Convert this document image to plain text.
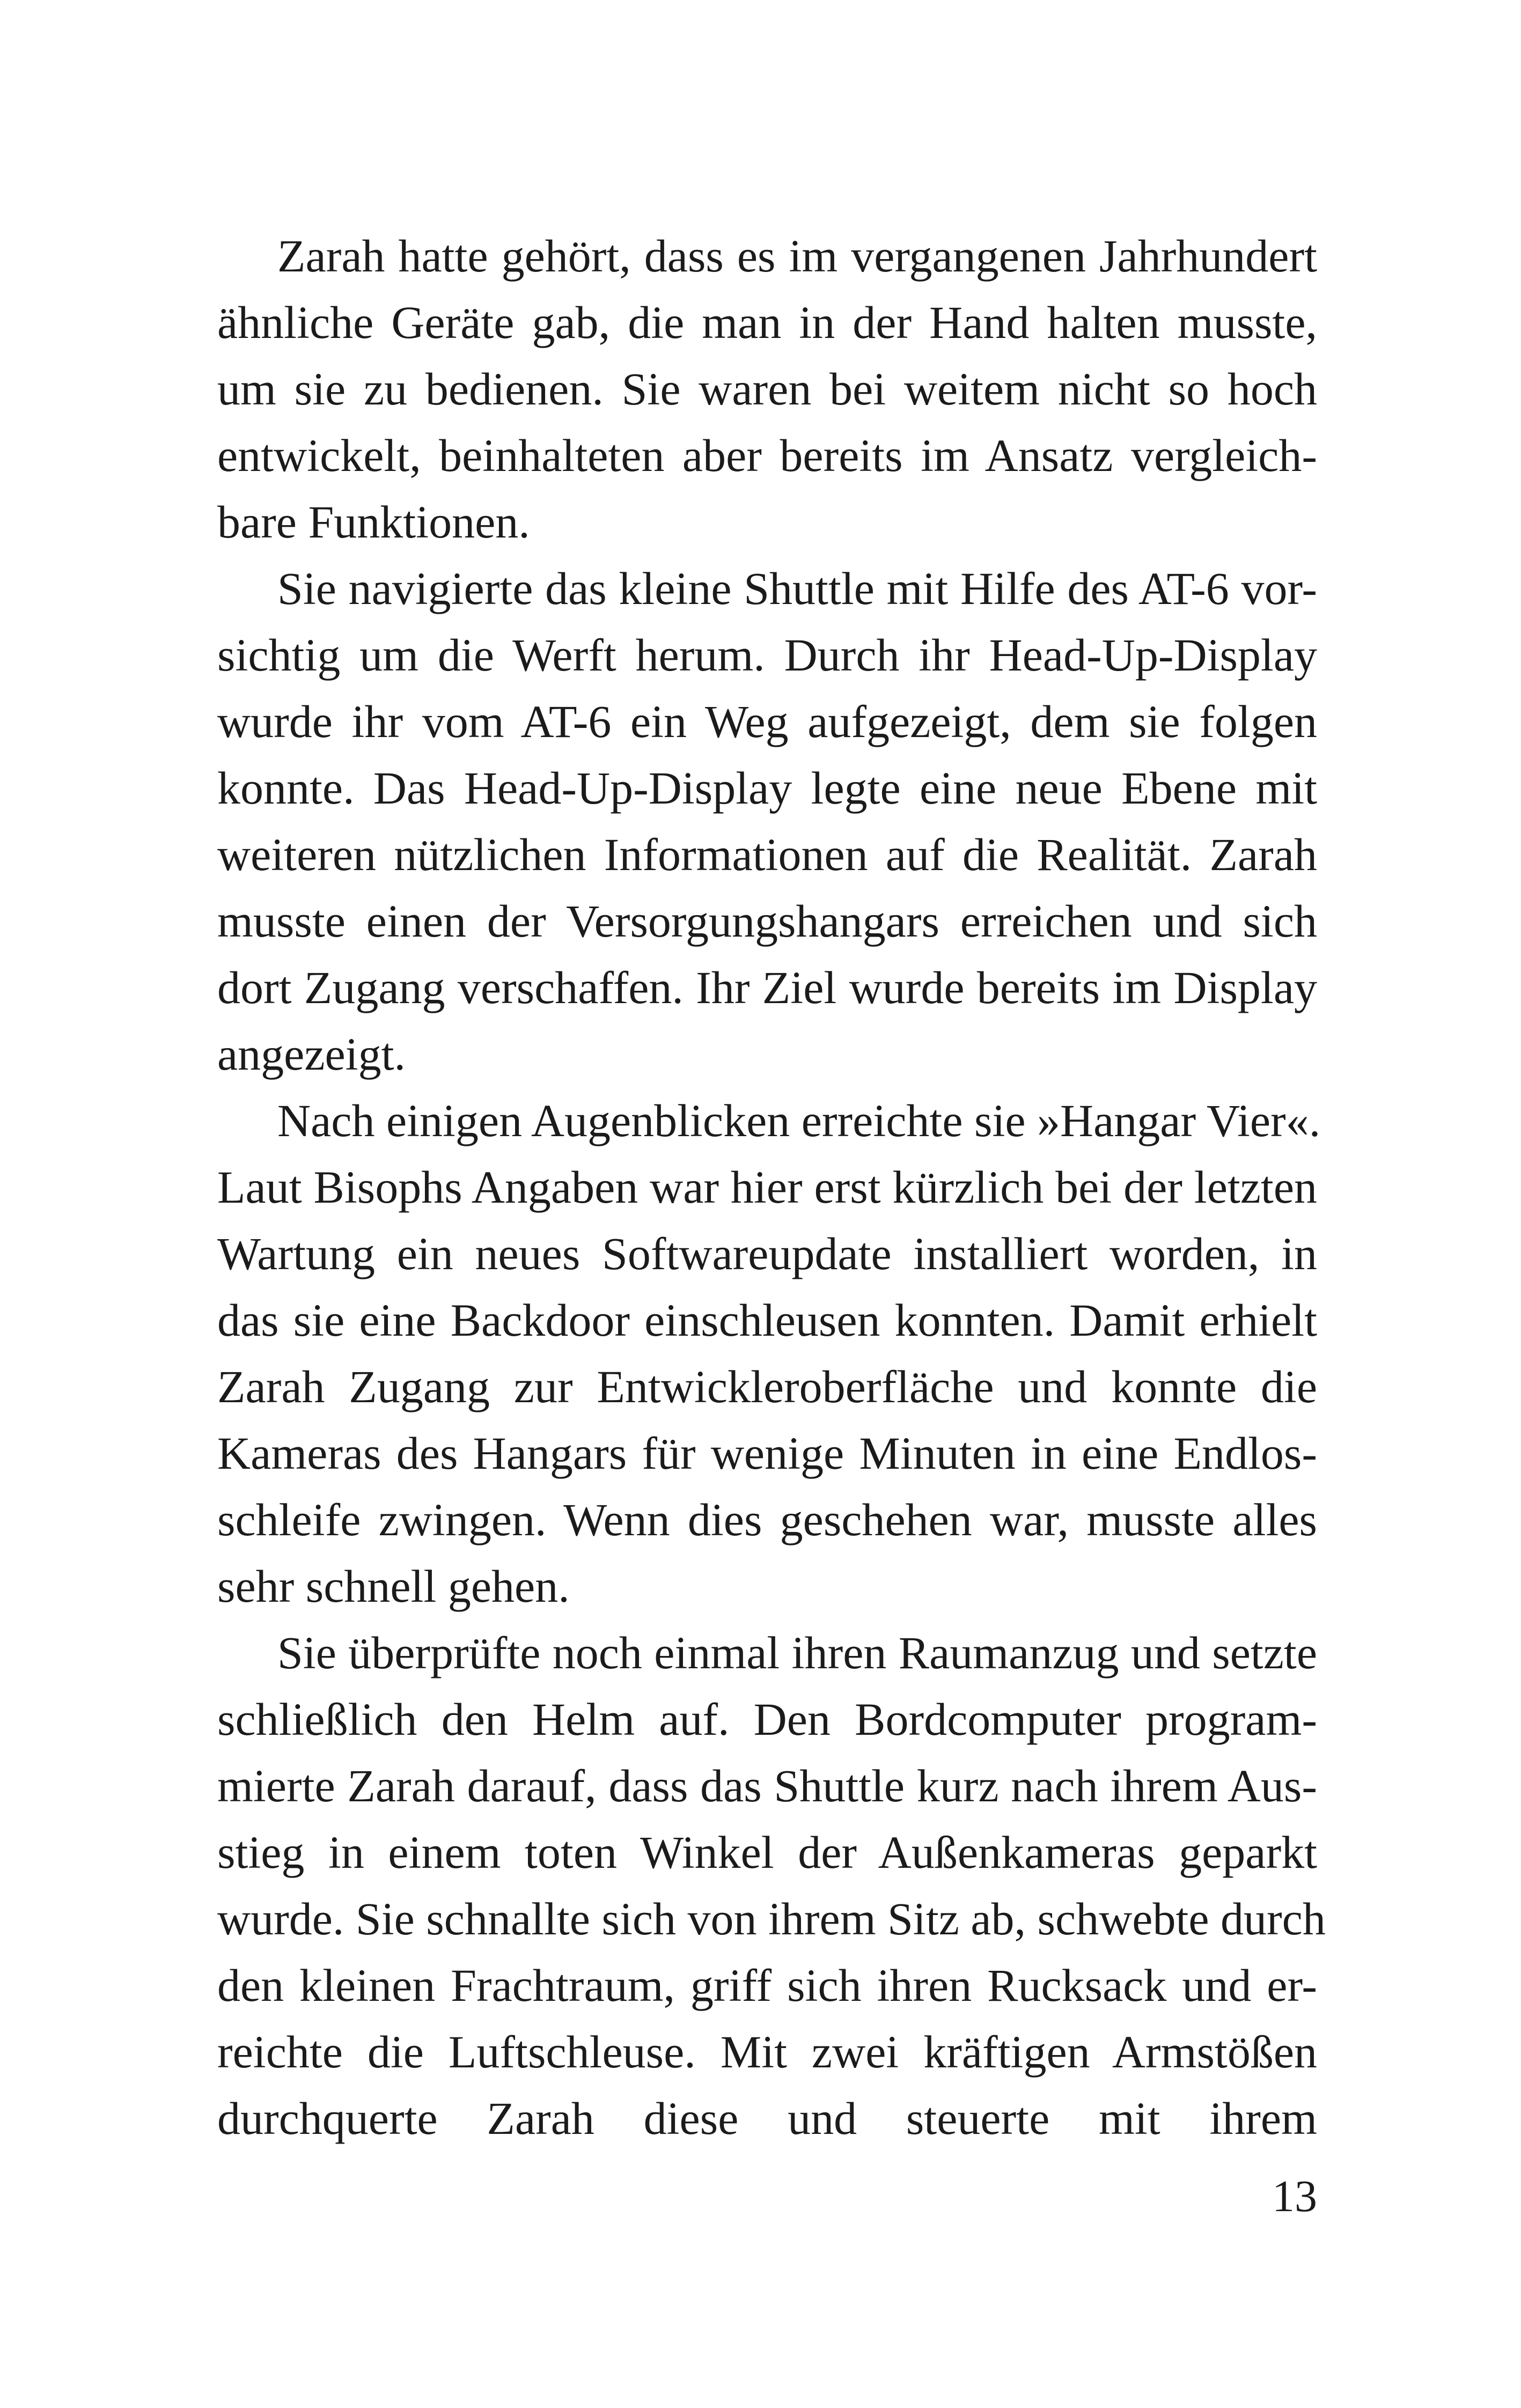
Zarah hatte gehört, dass es im vergangenen Jahrhundert
ähnliche Geräte gab, die man in der Hand halten musste,
um sie zu bedienen. Sie waren bei weitem nicht so hoch
entwickelt, beinhalteten aber bereits im Ansatz vergleich-
bare Funktionen.
Sie navigierte das kleine Shuttle mit Hilfe des AT-6 vor-
sichtig um die Werft herum. Durch ihr Head-Up-Display
wurde ihr vom AT-6 ein Weg aufgezeigt, dem sie folgen
konnte. Das Head-Up-Display legte eine neue Ebene mit
weiteren nützlichen Informationen auf die Realität. Zarah
musste einen der Versorgungshangars erreichen und sich
dort Zugang verschaffen. Ihr Ziel wurde bereits im Display
angezeigt.
Nach einigen Augenblicken erreichte sie »Hangar Vier«.
Laut Bisophs Angaben war hier erst kürzlich bei der letzten
Wartung ein neues Softwareupdate installiert worden, in
das sie eine Backdoor einschleusen konnten. Damit erhielt
Zarah Zugang zur Entwickleroberfläche und konnte die
Kameras des Hangars für wenige Minuten in eine Endlos-
schleife zwingen. Wenn dies geschehen war, musste alles
sehr schnell gehen.
Sie überprüfte noch einmal ihren Raumanzug und setzte
schließlich den Helm auf. Den Bordcomputer program-
mierte Zarah darauf, dass das Shuttle kurz nach ihrem Aus-
stieg in einem toten Winkel der Außenkameras geparkt
wurde. Sie schnallte sich von ihrem Sitz ab, schwebte durch
den kleinen Frachtraum, griff sich ihren Rucksack und er-
reichte die Luftschleuse. Mit zwei kräftigen Armstößen
durchquerte Zarah diese und steuerte mit ihrem
13
